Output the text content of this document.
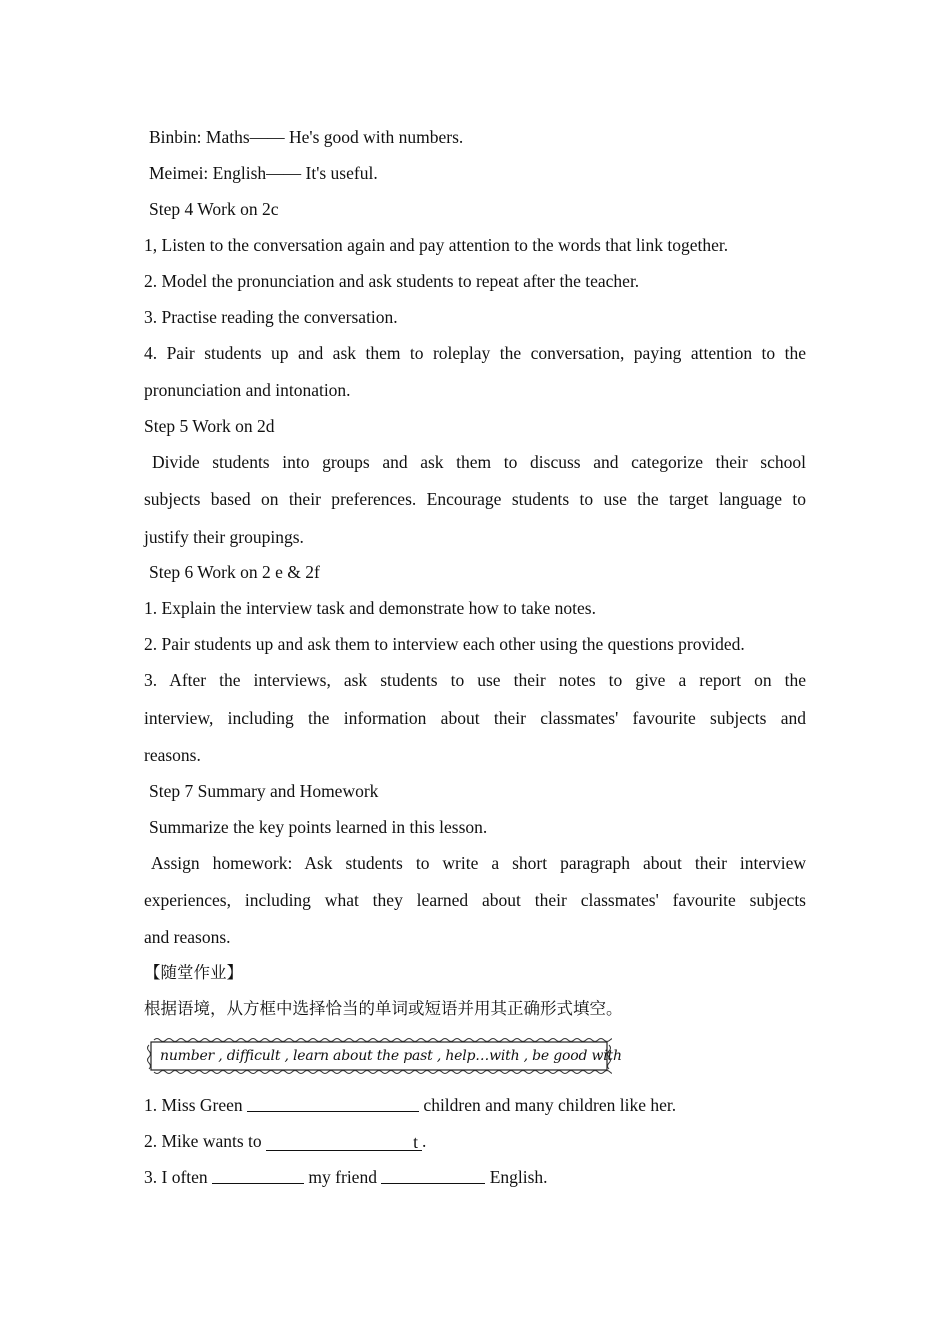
Binbin: Maths—— He's good with numbers.
Meimei: English—— It's useful.
Step 4 Work on 2c
1, Listen to the conversation again and pay attention to the words that link together.
2. Model the pronunciation and ask students to repeat after the teacher.
3. Practise reading the conversation.
4. Pair students up and ask them to roleplay the conversation, paying attention to the
pronunciation and intonation.
Step 5 Work on 2d
Divide students into groups and ask them to discuss and categorize their school
subjects based on their preferences. Encourage students to use the target language to
justify their groupings.
Step 6 Work on 2 e & 2f
1. Explain the interview task and demonstrate how to take notes.
2. Pair students up and ask them to interview each other using the questions provided.
3. After the interviews, ask students to use their notes to give a report on the
interview, including the information about their classmates' favourite subjects and
reasons.
Step 7 Summary and Homework
Summarize the key points learned in this lesson.
Assign homework: Ask students to write a short paragraph about their interview
experiences, including what they learned about their classmates' favourite subjects
and reasons.
【随堂作业】
根据语境，从方框中选择恰当的单词或短语并用其正确形式填空。
number , difficult , learn about the past , help…with , be good with
1. Miss Green	children and many children like her.
2. Mike wants to	t .
3. I often	my friend	English.
